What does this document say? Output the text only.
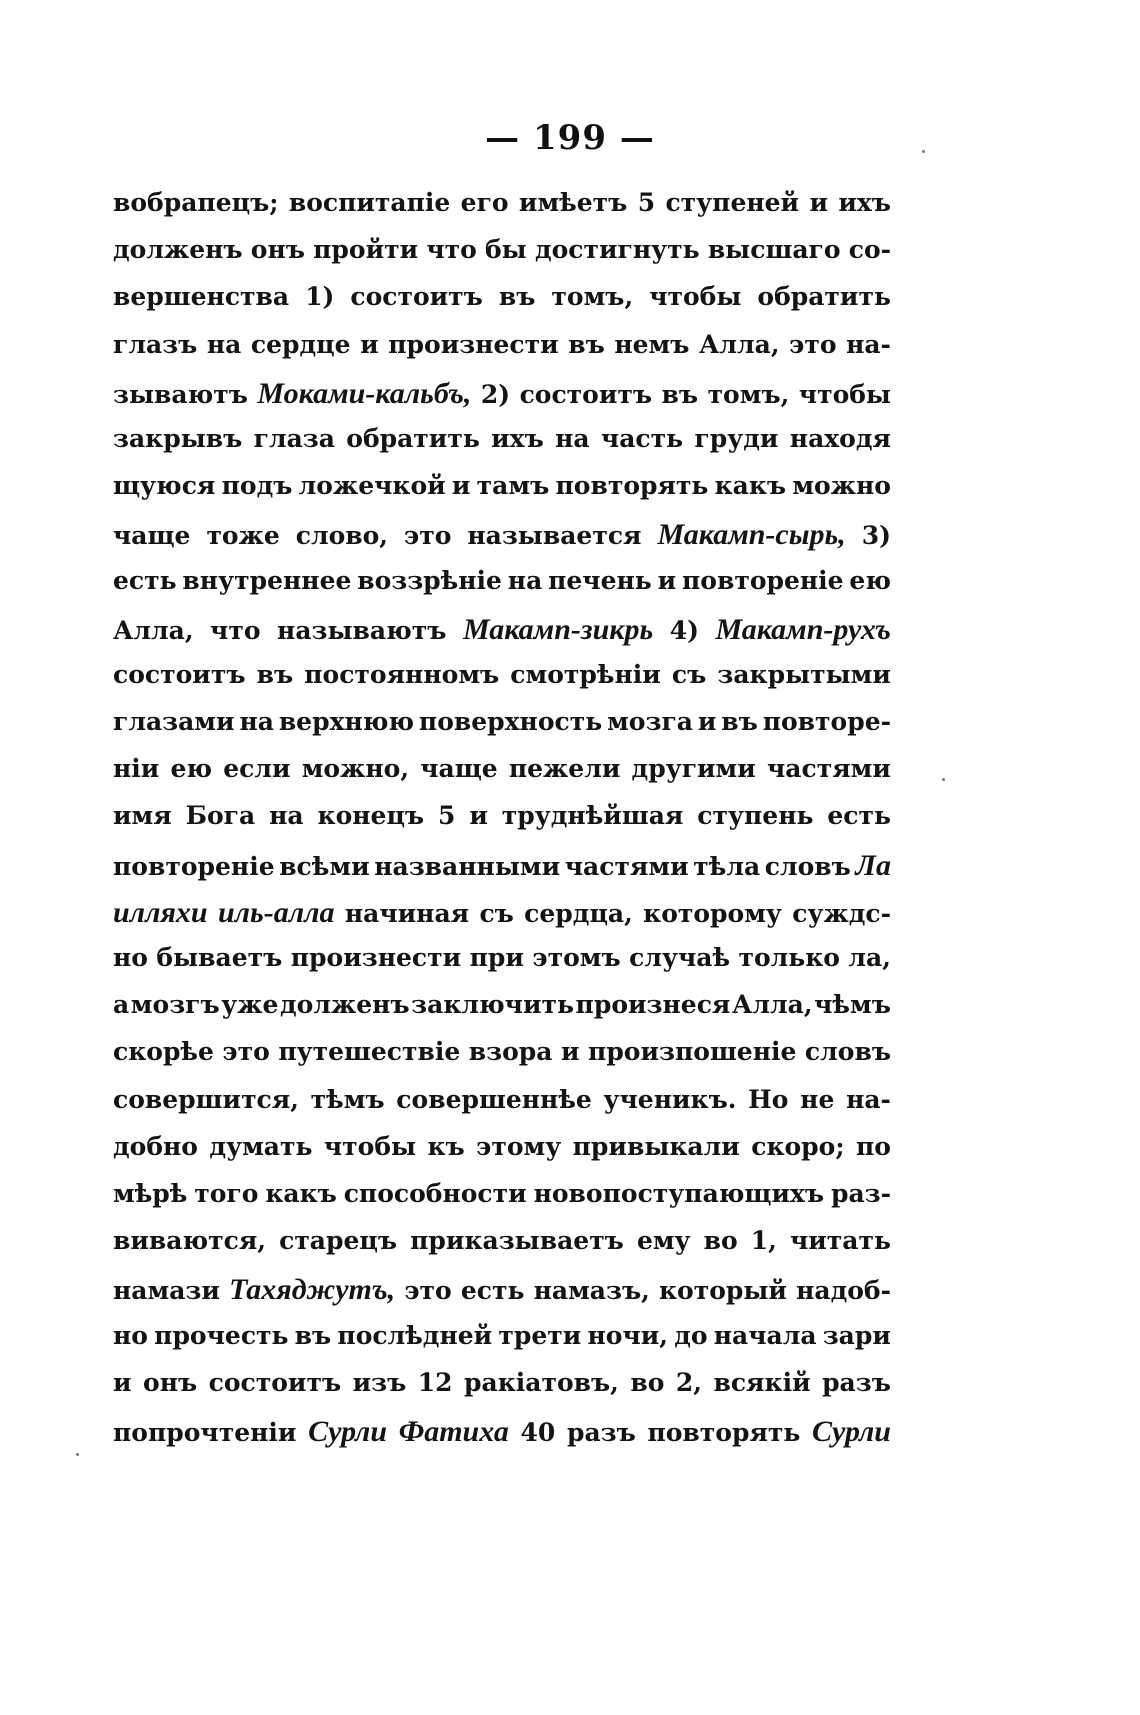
— 199 —
вобрапецъ; воспитапіе его имѣетъ 5 ступеней и ихъ
долженъ онъ пройти что бы достигнуть высшаго со-
вершенства 1) состоитъ въ томъ, чтобы обратить
глазъ на сердце и произнести въ немъ Алла, это на-
зываютъ Моками-кальбъ, 2) состоитъ въ томъ, чтобы
закрывъ глаза обратить ихъ на часть груди находя
щуюся подъ ложечкой и тамъ повторять какъ можно
чаще тоже слово, это называется Макамп-сырь, 3)
есть внутреннее воззрѣніе на печень и повтореніе ею
Алла, что называютъ Макамп-зикрь 4) Макамп-рухъ
состоитъ въ постоянномъ смотрѣніи съ закрытыми
глазами на верхнюю поверхность мозга и въ повторе-
ніи ею если можно, чаще пежели другими частями
имя Бога на конецъ 5 и труднѣйшая ступень есть
повтореніе всѣми названными частями тѣла словъ Ла
илляхи иль-алла начиная съ сердца, которому суждс-
но бываетъ произнести при этомъ случаѣ только ла,
а мозгъ уже долженъ заключить произнеся Алла, чѣмъ
скорѣе это путешествіе взора и произпошеніе словъ
совершится, тѣмъ совершеннѣе ученикъ. Но не на-
добно думать чтобы къ этому привыкали скоро; по
мѣрѣ того какъ способности новопоступающихъ раз-
виваются, старецъ приказываетъ ему во 1, читать
намази Тахяджутъ, это есть намазъ, который надоб-
но прочесть въ послѣдней трети ночи, до начала зари
и онъ состоитъ изъ 12 ракіатовъ, во 2, всякій разъ
попрочтеніи Сурли Фатиха 40 разъ повторять Сурли
